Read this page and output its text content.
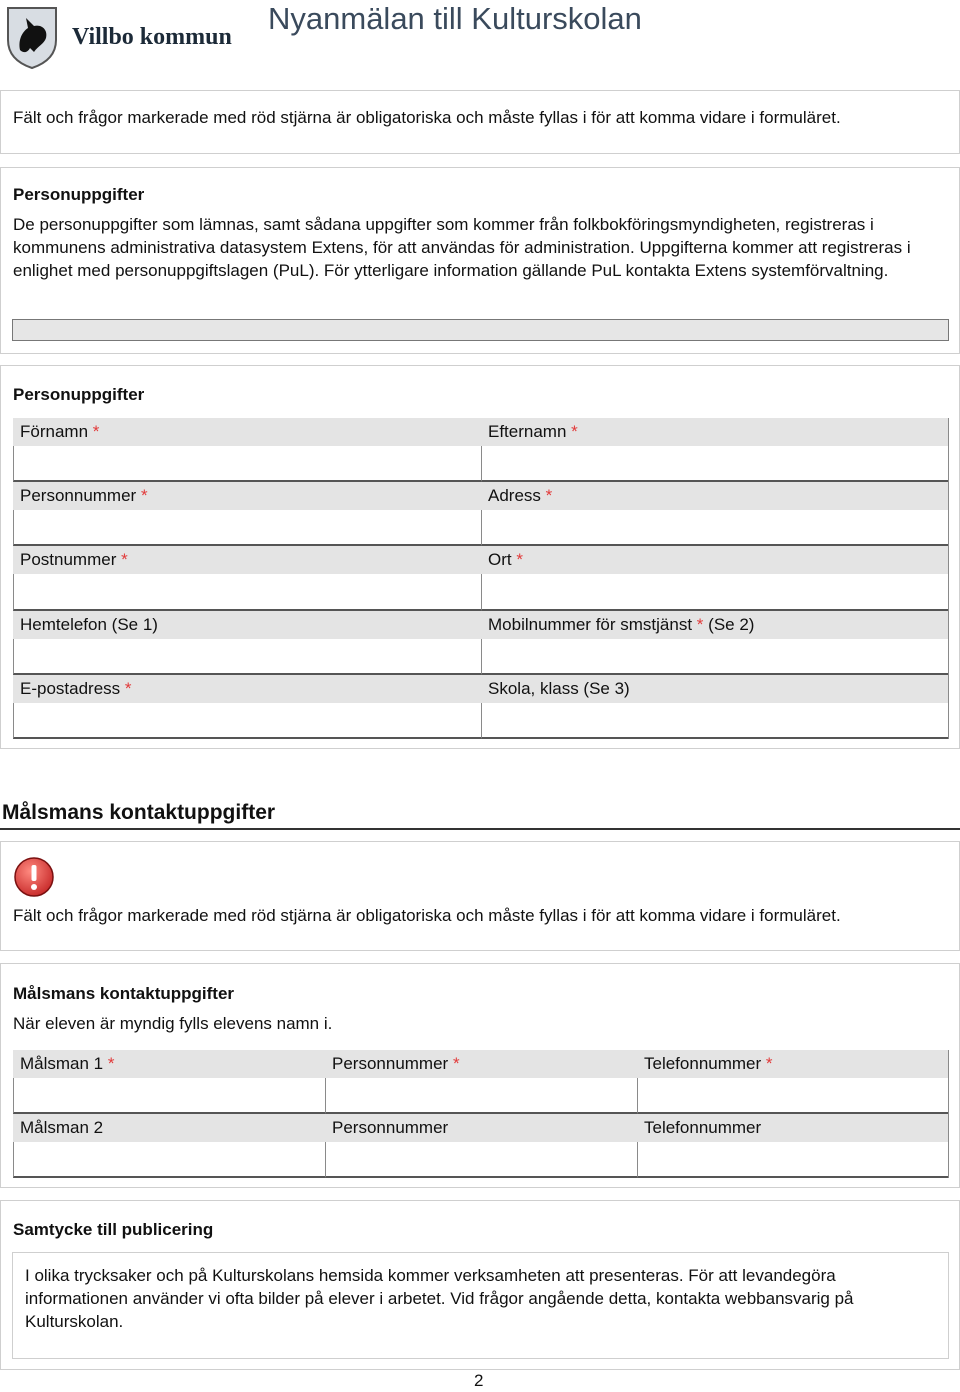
Villbo kommun
Nyanmälan till Kulturskolan
Fält och frågor markerade med röd stjärna är obligatoriska och måste fyllas i för att komma vidare i formuläret.
Personuppgifter
De personuppgifter som lämnas, samt sådana uppgifter som kommer från folkbokföringsmyndigheten, registreras i kommunens administrativa datasystem Extens, för att användas för administration. Uppgifterna kommer att registreras i enlighet med personuppgiftslagen (PuL). För ytterligare information gällande PuL kontakta Extens systemförvaltning.
Personuppgifter
Förnamn *	Efternamn *
Personnummer *	Adress *
Postnummer *	Ort *
Hemtelefon (Se 1)	Mobilnummer för smstjänst * (Se 2)
E-postadress *	Skola, klass (Se 3)
Målsmans kontaktuppgifter
Fält och frågor markerade med röd stjärna är obligatoriska och måste fyllas i för att komma vidare i formuläret.
Målsmans kontaktuppgifter
När eleven är myndig fylls elevens namn i.
Målsman 1 *	Personnummer *	Telefonnummer *
Målsman 2	Personnummer	Telefonnummer
Samtycke till publicering
I olika trycksaker och på Kulturskolans hemsida kommer verksamheten att presenteras. För att levandegöra informationen använder vi ofta bilder på elever i arbetet. Vid frågor angående detta, kontakta webbansvarig på Kulturskolan.
2
